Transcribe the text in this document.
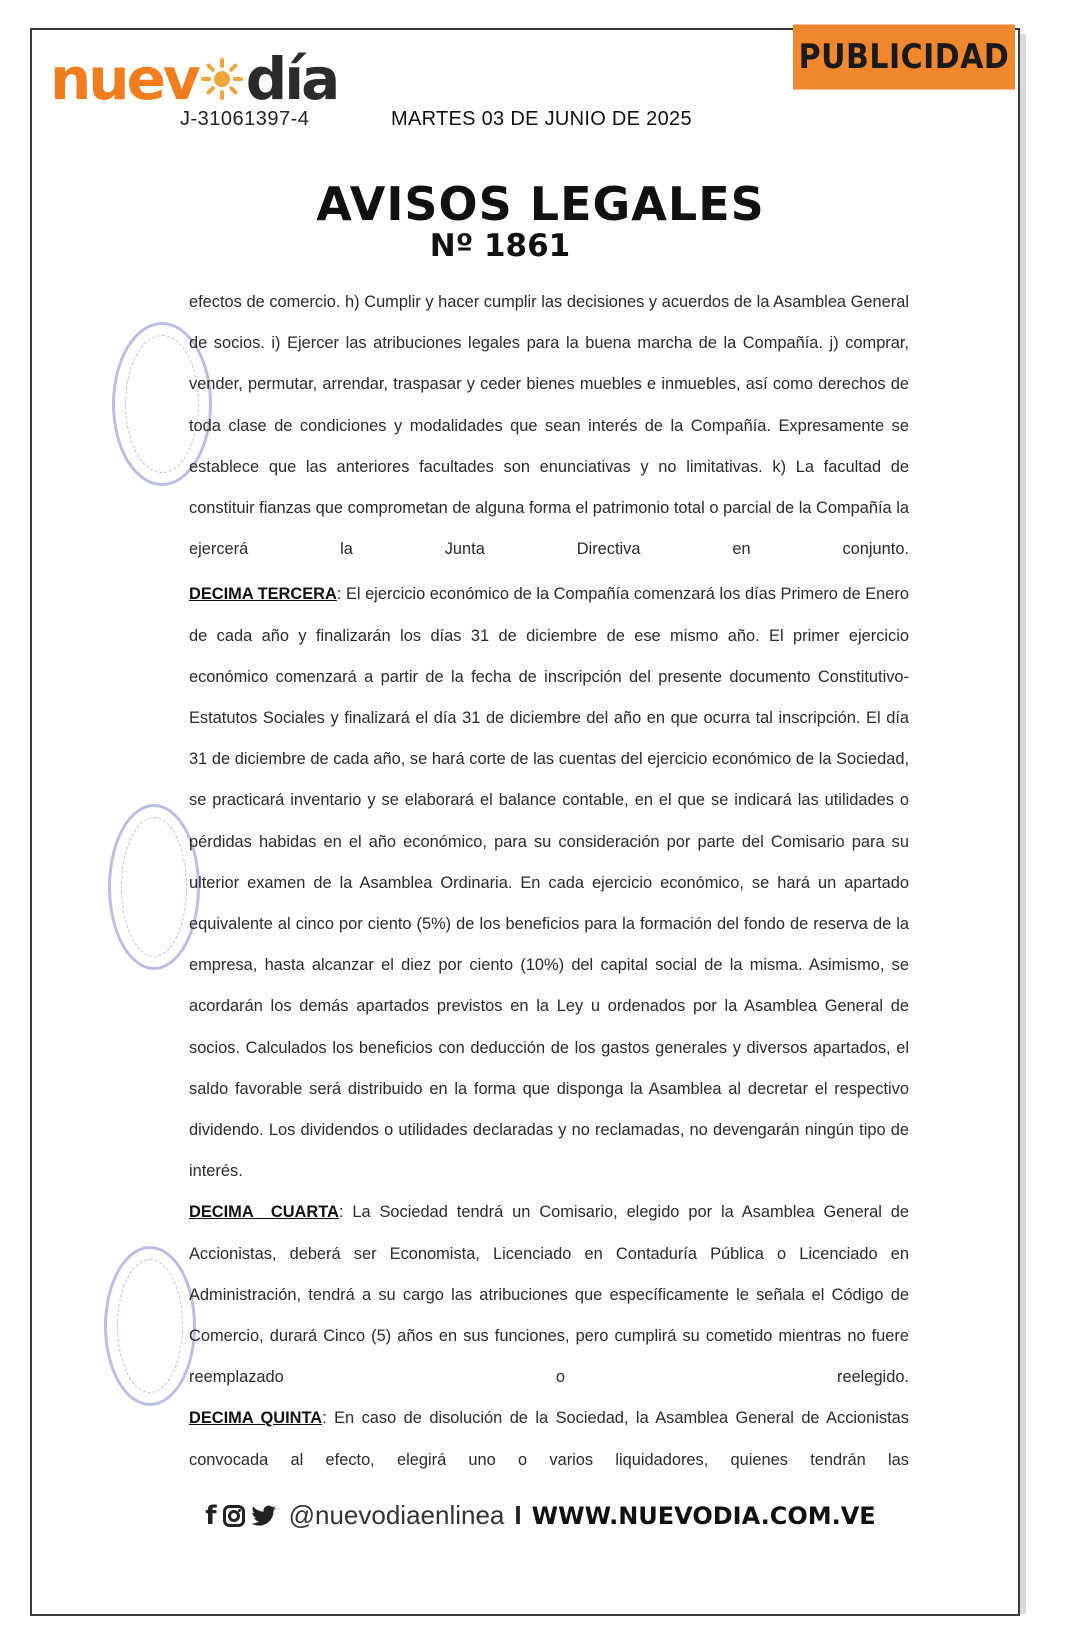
nuev d ía
J-31061397-4	MARTES 03 DE JUNIO DE 2025
PUBLICIDAD
AVISOS LEGALES
Nº 1861

efectos de comercio. h) Cumplir y hacer cumplir las decisiones y acuerdos de la Asamblea General de socios. i) Ejercer las atribuciones legales para la buena marcha de la Compañía. j) comprar, vender, permutar, arrendar, traspasar y ceder bienes muebles e inmuebles, así como derechos de toda clase de condiciones y modalidades que sean interés de la Compañía. Expresamente se establece que las anteriores facultades son enunciativas y no limitativas. k) La facultad de constituir fianzas que comprometan de alguna forma el patrimonio total o parcial de la Compañía la ejercerá la Junta Directiva en conjunto.

DECIMA TERCERA: El ejercicio económico de la Compañía comenzará los días Primero de Enero de cada año y finalizarán los días 31 de diciembre de ese mismo año. El primer ejercicio económico comenzará a partir de la fecha de inscripción del presente documento Constitutivo-Estatutos Sociales y finalizará el día 31 de diciembre del año en que ocurra tal inscripción. El día 31 de diciembre de cada año, se hará corte de las cuentas del ejercicio económico de la Sociedad, se practicará inventario y se elaborará el balance contable, en el que se indicará las utilidades o pérdidas habidas en el año económico, para su consideración por parte del Comisario para su ulterior examen de la Asamblea Ordinaria. En cada ejercicio económico, se hará un apartado equivalente al cinco por ciento (5%) de los beneficios para la formación del fondo de reserva de la empresa, hasta alcanzar el diez por ciento (10%) del capital social de la misma. Asimismo, se acordarán los demás apartados previstos en la Ley u ordenados por la Asamblea General de socios. Calculados los beneficios con deducción de los gastos generales y diversos apartados, el saldo favorable será distribuido en la forma que disponga la Asamblea al decretar el respectivo dividendo. Los dividendos o utilidades declaradas y no reclamadas, no devengarán ningún tipo de interés.

DECIMA  CUARTA: La Sociedad tendrá un Comisario, elegido por la Asamblea General de Accionistas, deberá ser Economista, Licenciado en Contaduría Pública o Licenciado en Administración, tendrá a su cargo las atribuciones que específicamente le señala el Código de Comercio, durará Cinco (5) años en sus funciones, pero cumplirá su cometido mientras no fuere reemplazado o reelegido.

DECIMA QUINTA: En caso de disolución de la Sociedad, la Asamblea General de Accionistas convocada al efecto, elegirá uno o varios liquidadores, quienes tendrán las

f	@nuevodiaenlinea I WWW.NUEVODIA.COM.VE
